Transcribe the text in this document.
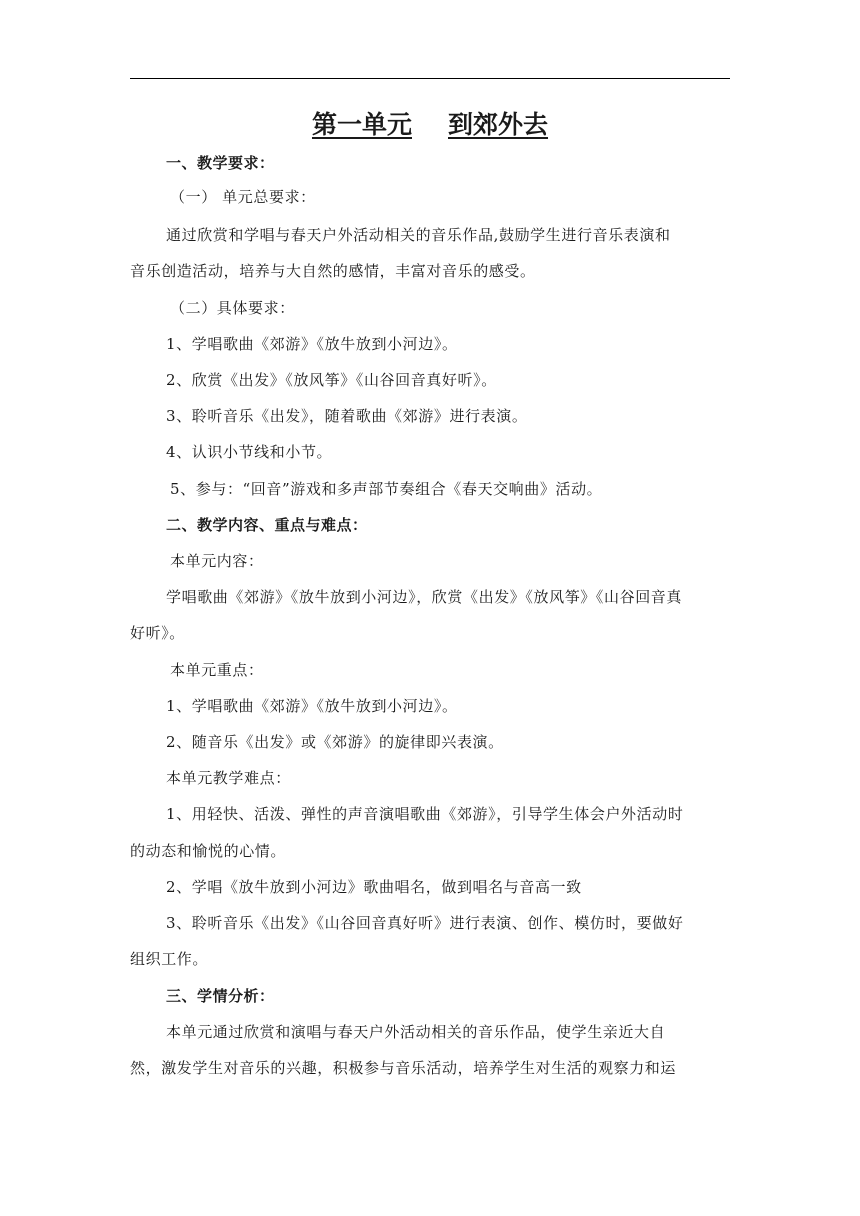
第一单元 到郊外去
一、教学要求：
（一） 单元总要求：
通过欣赏和学唱与春天户外活动相关的音乐作品,鼓励学生进行音乐表演和
音乐创造活动，培养与大自然的感情，丰富对音乐的感受。
（二）具体要求：
1、学唱歌曲《郊游》《放牛放到小河边》。
2、欣赏《出发》《放风筝》《山谷回音真好听》。
3、聆听音乐《出发》，随着歌曲《郊游》进行表演。
4、认识小节线和小节。
5、参与：“回音”游戏和多声部节奏组合《春天交响曲》活动。
二、教学内容、重点与难点：
本单元内容：
学唱歌曲《郊游》《放牛放到小河边》，欣赏《出发》《放风筝》《山谷回音真
好听》。
本单元重点：
1、学唱歌曲《郊游》《放牛放到小河边》。
2、随音乐《出发》或《郊游》的旋律即兴表演。
本单元教学难点：
1、用轻快、活泼、弹性的声音演唱歌曲《郊游》，引导学生体会户外活动时
的动态和愉悦的心情。
2、学唱《放牛放到小河边》歌曲唱名，做到唱名与音高一致
3、聆听音乐《出发》《山谷回音真好听》进行表演、创作、模仿时，要做好
组织工作。
三、学情分析：
本单元通过欣赏和演唱与春天户外活动相关的音乐作品，使学生亲近大自
然，激发学生对音乐的兴趣，积极参与音乐活动，培养学生对生活的观察力和运
